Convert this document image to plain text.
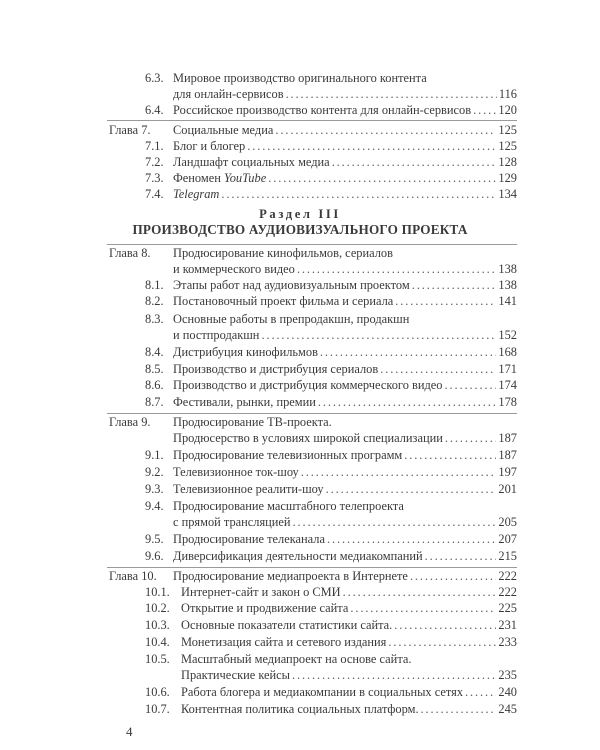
6.3. Мировое производство оригинального контента
для онлайн-сервисов . . .	116
6.4. Российское производство контента для онлайн-сервисов . . . 120
Глава 7. Социальные медиа . . .	125
7.1. Блог и блогер . . .	125
7.2. Ландшафт социальных медиа . . .	128
7.3. Феномен YouTube . . .	129
7.4. Telegram . . .	134
Раздел III
ПРОИЗВОДСТВО АУДИОВИЗУАЛЬНОГО ПРОЕКТА
Глава 8. Продюсирование кинофильмов, сериалов
и коммерческого видео . . .	138
8.1. Этапы работ над аудиовизуальным проектом . . .	138
8.2. Постановочный проект фильма и сериала . . .	141
8.3. Основные работы в препродакшн, продакшн
и постпродакшн . . .	152
8.4. Дистрибуция кинофильмов . . .	168
8.5. Производство и дистрибуция сериалов . . .	171
8.6. Производство и дистрибуция коммерческого видео . . .	174
8.7. Фестивали, рынки, премии . . .	178
Глава 9. Продюсирование ТВ-проекта.
Продюсерство в условиях широкой специализации . . .	187
9.1. Продюсирование телевизионных программ . . .	187
9.2. Телевизионное ток-шоу . . .	197
9.3. Телевизионное реалити-шоу . . .	201
9.4. Продюсирование масштабного телепроекта
с прямой трансляцией . . .	205
9.5. Продюсирование телеканала . . .	207
9.6. Диверсификация деятельности медиакомпаний . . .	215
Глава 10. Продюсирование медиапроекта в Интернете . . .	222
10.1. Интернет-сайт и закон о СМИ . . .	222
10.2. Открытие и продвижение сайта . . .	225
10.3. Основные показатели статистики сайта. . . .	231
10.4. Монетизация сайта и сетевого издания . . .	233
10.5. Масштабный медиапроект на основе сайта.
Практические кейсы . . .	235
10.6. Работа блогера и медиакомпании в социальных сетях . . .	240
10.7. Контентная политика социальных платформ. . . .	245
4
